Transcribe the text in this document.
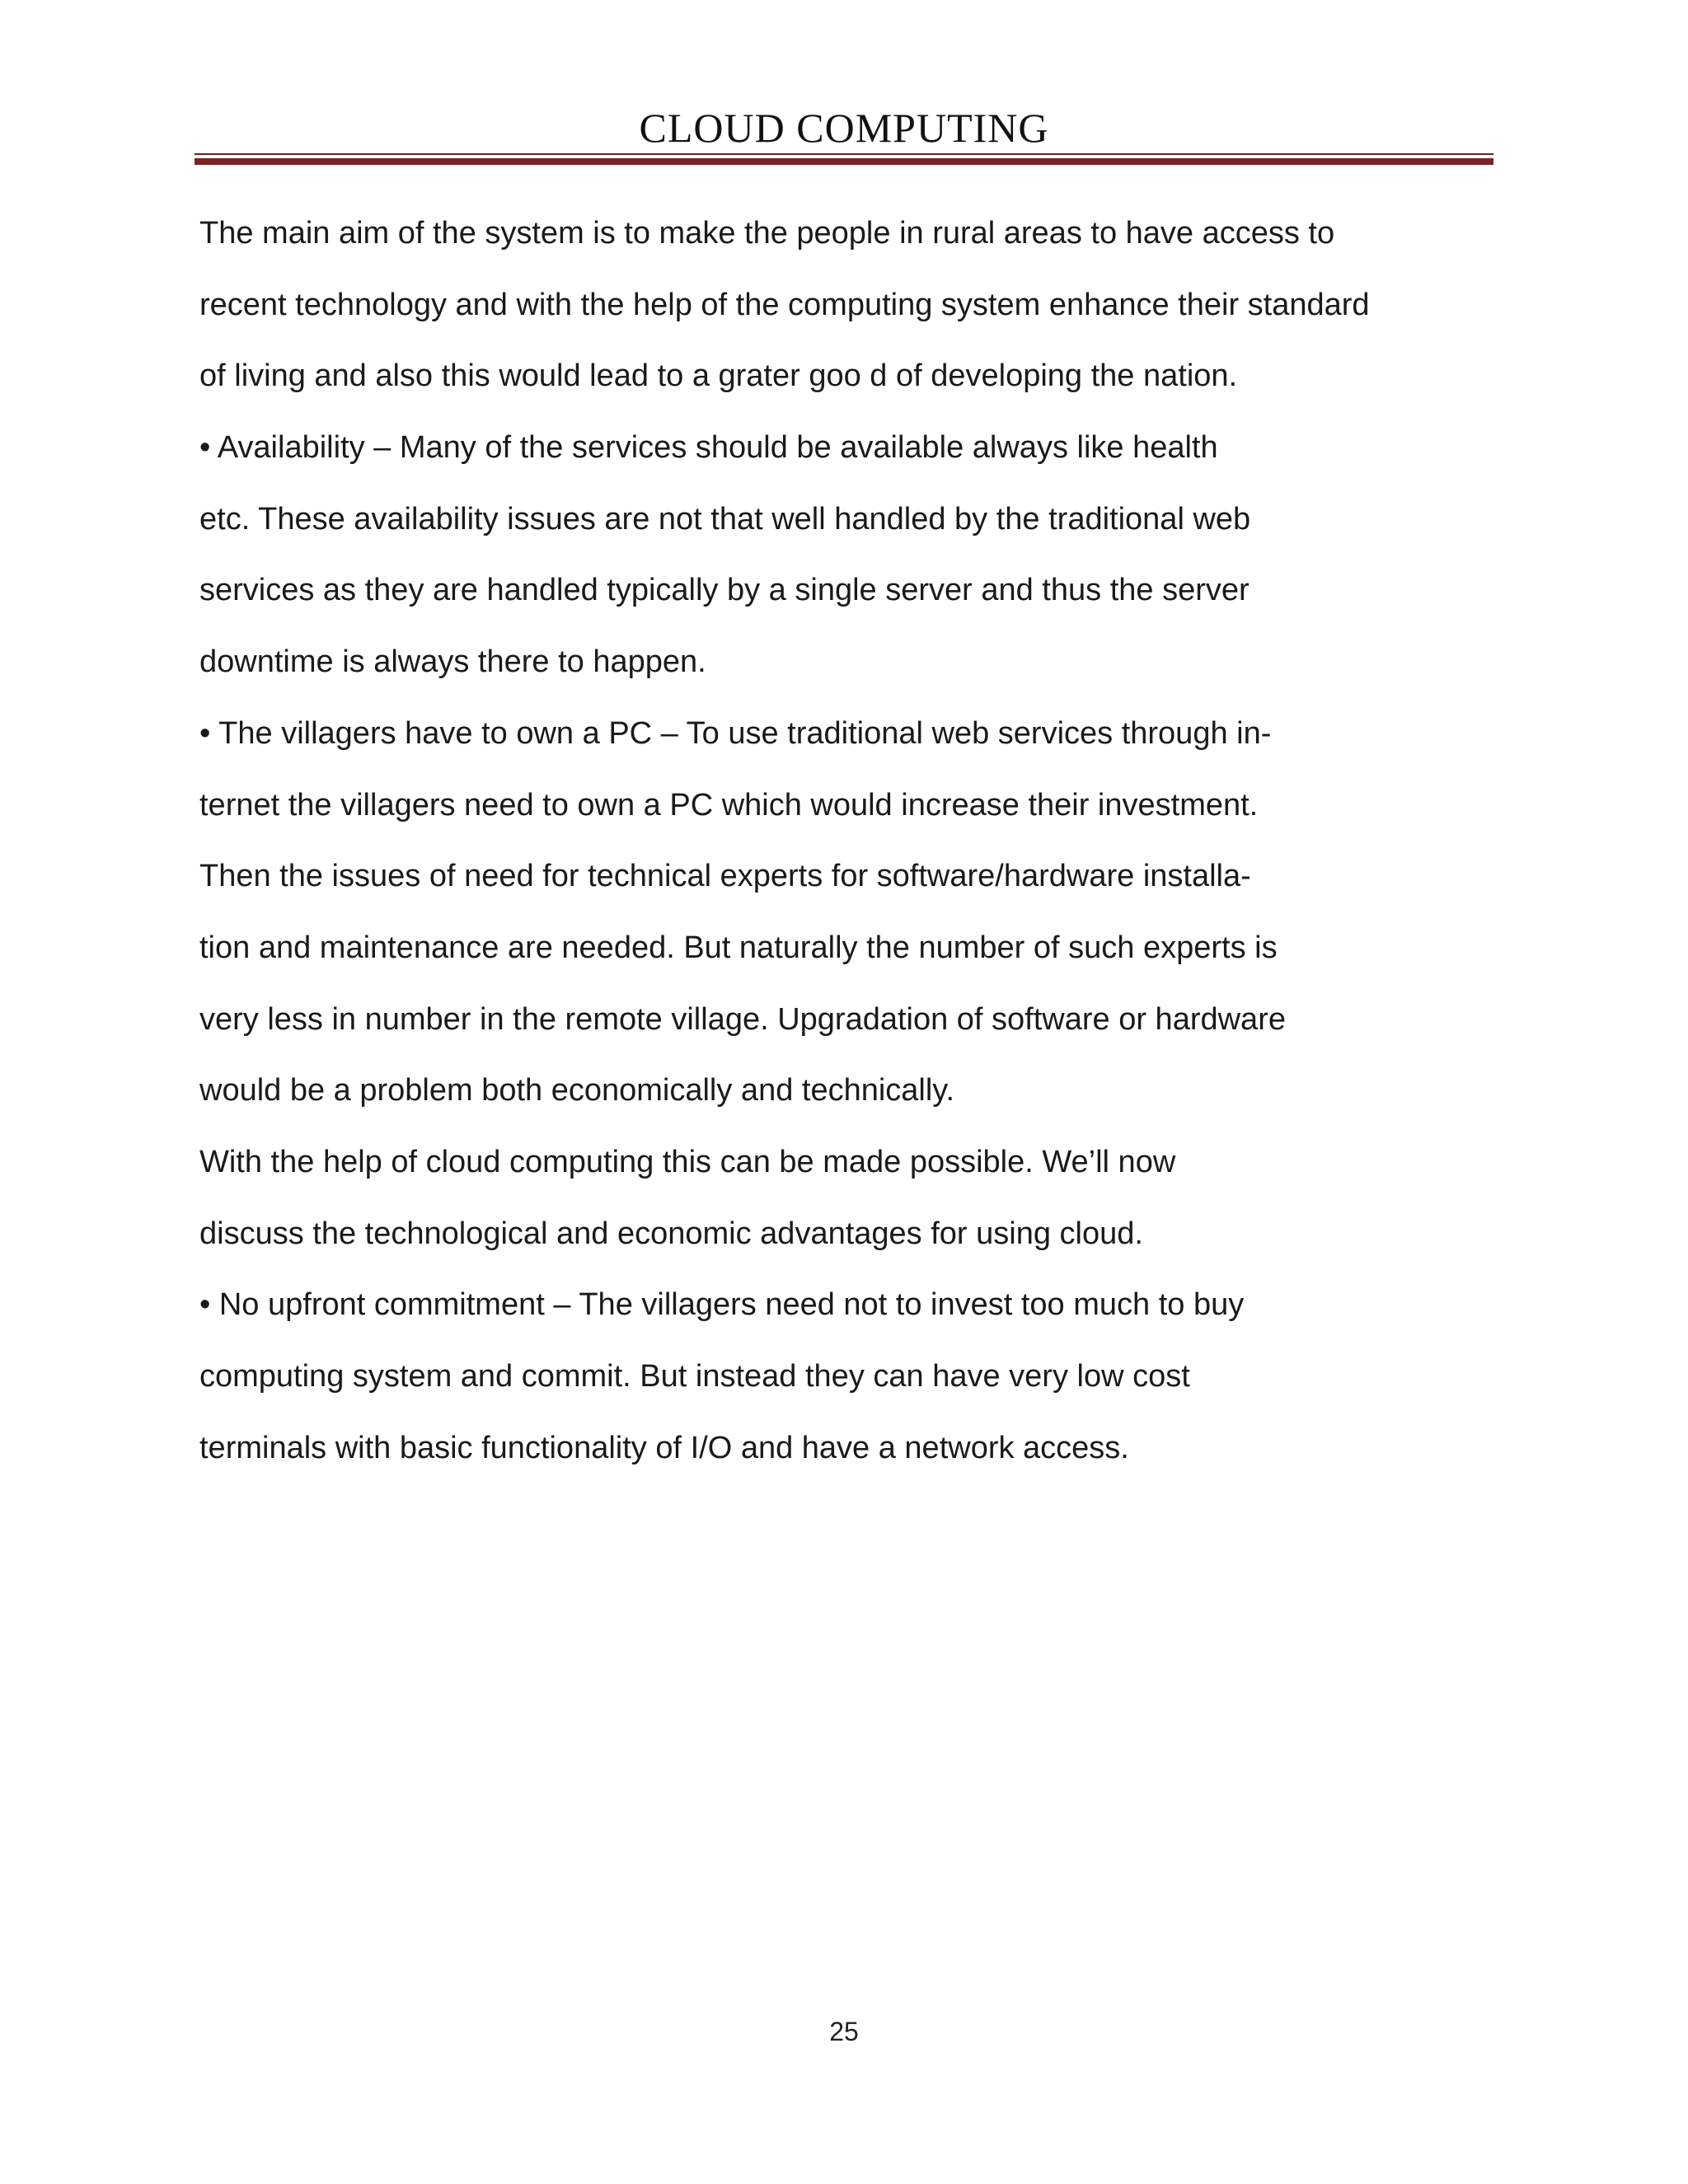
CLOUD COMPUTING
The main aim of the system is to make the people in rural areas to have access to
recent technology and with the help of the computing system enhance their standard
of living and also this would lead to a grater goo d of developing the nation.
• Availability – Many of the services should be available always like health
etc. These availability issues are not that well handled by the traditional web
services as they are handled typically by a single server and thus the server
downtime is always there to happen.
• The villagers have to own a PC – To use traditional web services through in-
ternet the villagers need to own a PC which would increase their investment.
Then the issues of need for technical experts for software/hardware installa-
tion and maintenance are needed. But naturally the number of such experts is
very less in number in the remote village. Upgradation of software or hardware
would be a problem both economically and technically.
With the help of cloud computing this can be made possible. We’ll now
discuss the technological and economic advantages for using cloud.
• No upfront commitment – The villagers need not to invest too much to buy
computing system and commit. But instead they can have very low cost
terminals with basic functionality of I/O and have a network access.
25
